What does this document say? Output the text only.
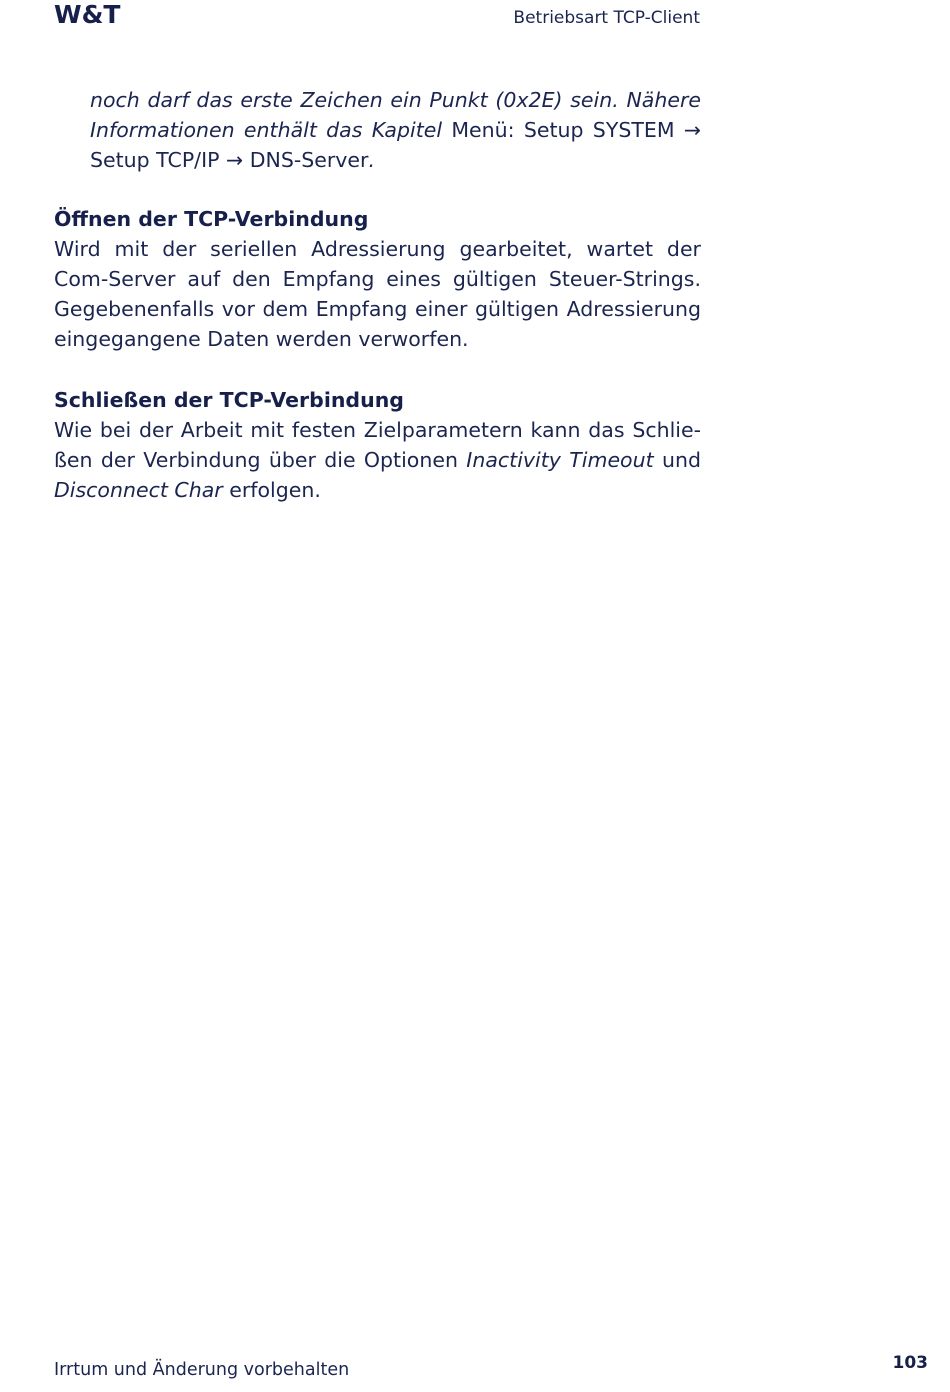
W&T	Betriebsart TCP-Client
noch darf das erste Zeichen ein Punkt (0x2E) sein. Nähere
Informationen enthält das Kapitel Menü: Setup SYSTEM →
Setup TCP/IP → DNS-Server.
Öffnen der TCP-Verbindung
Wird mit der seriellen Adressierung gearbeitet, wartet der
Com-Server auf den Empfang eines gültigen Steuer-Strings.
Gegebenenfalls vor dem Empfang einer gültigen Adressierung
eingegangene Daten werden verworfen.
Schließen der TCP-Verbindung
Wie bei der Arbeit mit festen Zielparametern kann das Schlie-
ßen der Verbindung über die Optionen Inactivity Timeout und
Disconnect Char erfolgen.
Irrtum und Änderung vorbehalten	103
